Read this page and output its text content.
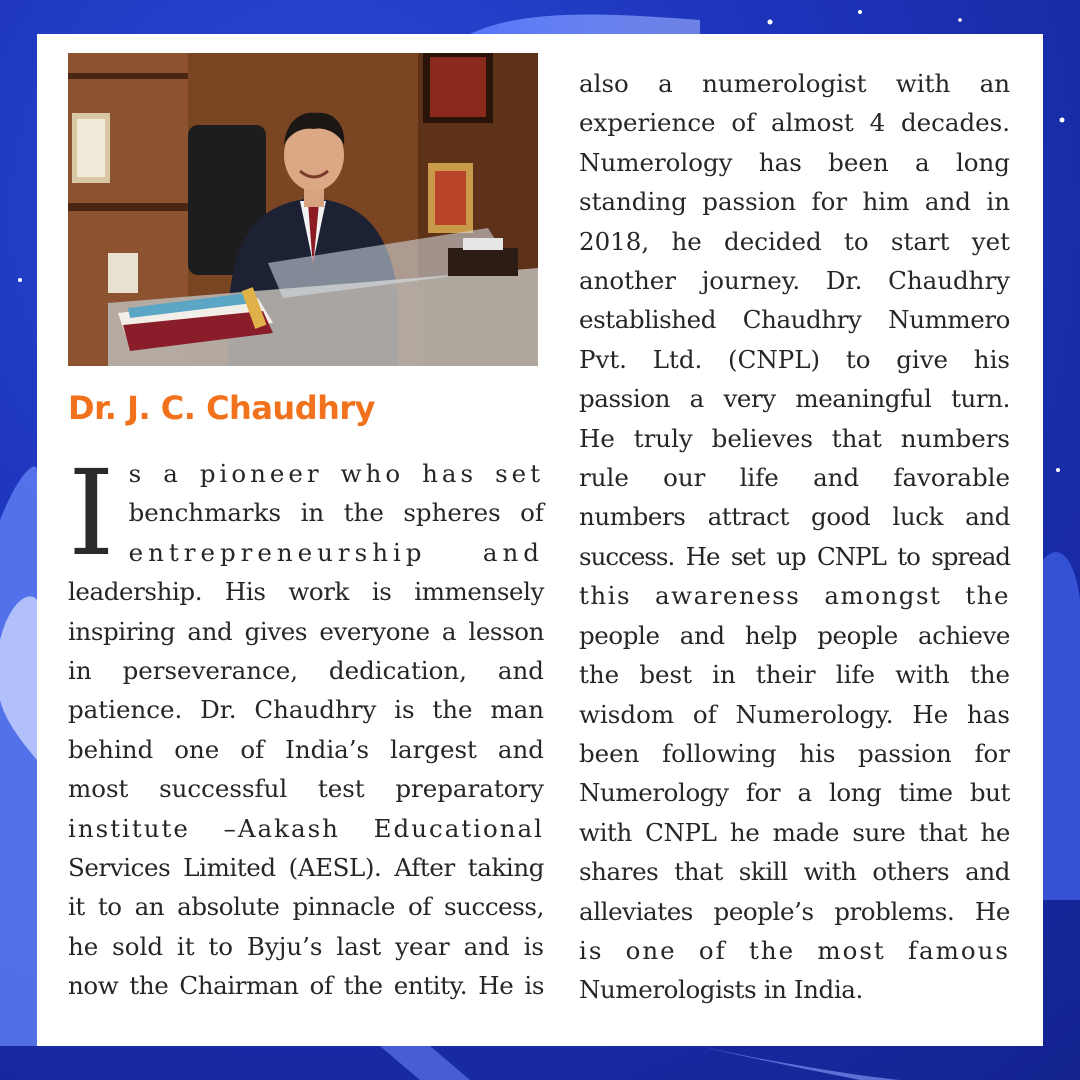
Dr. J. C. Chaudhry
I s a pioneer who has set
benchmarks in the spheres of
entrepreneurship and
leadership. His work is immensely
inspiring and gives everyone a lesson
in perseverance, dedication, and
patience. Dr. Chaudhry is the man
behind one of India’s largest and
most successful test preparatory
institute –Aakash Educational
Services Limited (AESL). After taking
it to an absolute pinnacle of success,
he sold it to Byju’s last year and is
now the Chairman of the entity. He is
also a numerologist with an
experience of almost 4 decades.
Numerology has been a long
standing passion for him and in
2018, he decided to start yet
another journey. Dr. Chaudhry
established Chaudhry Nummero
Pvt. Ltd. (CNPL) to give his
passion a very meaningful turn.
He truly believes that numbers
rule our life and favorable
numbers attract good luck and
success. He set up CNPL to spread
this awareness amongst the
people and help people achieve
the best in their life with the
wisdom of Numerology. He has
been following his passion for
Numerology for a long time but
with CNPL he made sure that he
shares that skill with others and
alleviates people’s problems. He
is one of the most famous
Numerologists in India.
